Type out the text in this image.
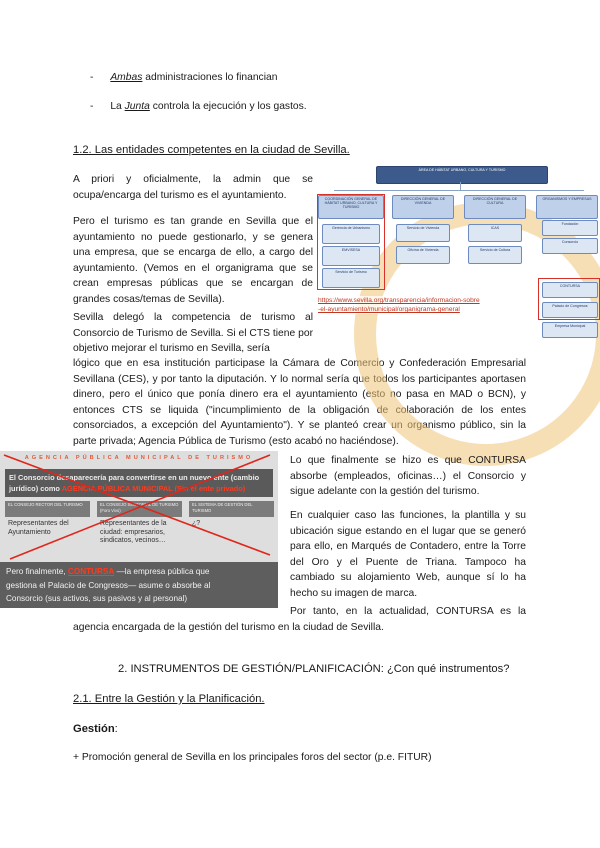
- Ambas administraciones lo financian
- La Junta controla la ejecución y los gastos.
1.2. Las entidades competentes en la ciudad de Sevilla.
A priori y oficialmente, la admin que se ocupa/encarga del turismo es el ayuntamiento.
Pero el turismo es tan grande en Sevilla que el ayuntamiento no puede gestionarlo, y se genera una empresa, que se encarga de ello, a cargo del ayuntamiento. (Vemos en el organigrama que se crean empresas públicas que se encargan de grandes cosas/temas de Sevilla).
Sevilla delegó la competencia de turismo al Consorcio de Turismo de Sevilla. Si el CTS tiene por objetivo mejorar el turismo en Sevilla, sería
lógico que en esa institución participase la Cámara de Comercio y Confederación Empresarial Sevillana (CES), y por tanto la diputación. Y lo normal sería que todos los participantes aportasen dinero, pero el único que ponía dinero era el ayuntamiento (esto no pasa en MAD o BCN), y entonces CTS se liquida ("incumplimiento de la obligación de colaboración de los entes consorciados, a excepción del Ayuntamiento"). Y se planteó crear un organismo público, sin la parte privada; Agencia Pública de Turismo (esto acabó no haciéndose).
ÁREA DE HÁBITAT URBANO, CULTURA Y TURISMO
COORDINACIÓN GENERAL DE HÁBITAT URBANO, CULTURA Y TURISMO
DIRECCIÓN GENERAL DE VIVIENDA
DIRECCIÓN GENERAL DE CULTURA
ORGANISMOS Y EMPRESAS
Gerencia de Urbanismo
EMVISESA
Servicio de Turismo
Servicio de Vivienda
Oficina de Vivienda
ICAS
Servicio de Cultura
Fundación
Consorcio
CONTURSA
Palacio de Congresos
Empresa Municipal
https://www.sevilla.org/transparencia/informacion-sobre
-el-ayuntamiento/municipal/organigrama-general
AGENCIA PÚBLICA MUNICIPAL DE TURISMO
El Consorcio desaparecería para convertirse en un nuevo ente (cambio
jurídico) como AGENCIA PÚBLICA MUNICIPAL (Sin el ente privado)
EL CONSEJO RECTOR DEL TURISMO
Representantes del
Ayuntamiento
EL CONSEJO SECTORIAL DE TURISMO (Foro Vivo)
Representantes de la
ciudad: empresarios,
sindicatos, vecinos…
EL SISTEMA DE GESTIÓN DEL TURISMO
¿?
Pero finalmente, CONTURSA —la empresa pública que
gestiona el Palacio de Congresos— asume o absorbe al
Consorcio (sus activos, sus pasivos y al personal)
Lo que finalmente se hizo es que CONTURSA absorbe (empleados, oficinas…) el Consorcio y sigue adelante con la gestión del turismo.
En cualquier caso las funciones, la plantilla y su ubicación sigue estando en el lugar que se generó para ello, en Marqués de Contadero, entre la Torre del Oro y el Puente de Triana. Tampoco ha cambiado su alojamiento Web, aunque sí lo ha hecho su imagen de marca.
Por tanto, en la actualidad, CONTURSA es la agencia encargada de la gestión del turismo en la ciudad de Sevilla.
2. INSTRUMENTOS DE GESTIÓN/PLANIFICACIÓN: ¿Con qué instrumentos?
2.1. Entre la Gestión y la Planificación.
Gestión:
+ Promoción general de Sevilla en los principales foros del sector (p.e. FITUR)
